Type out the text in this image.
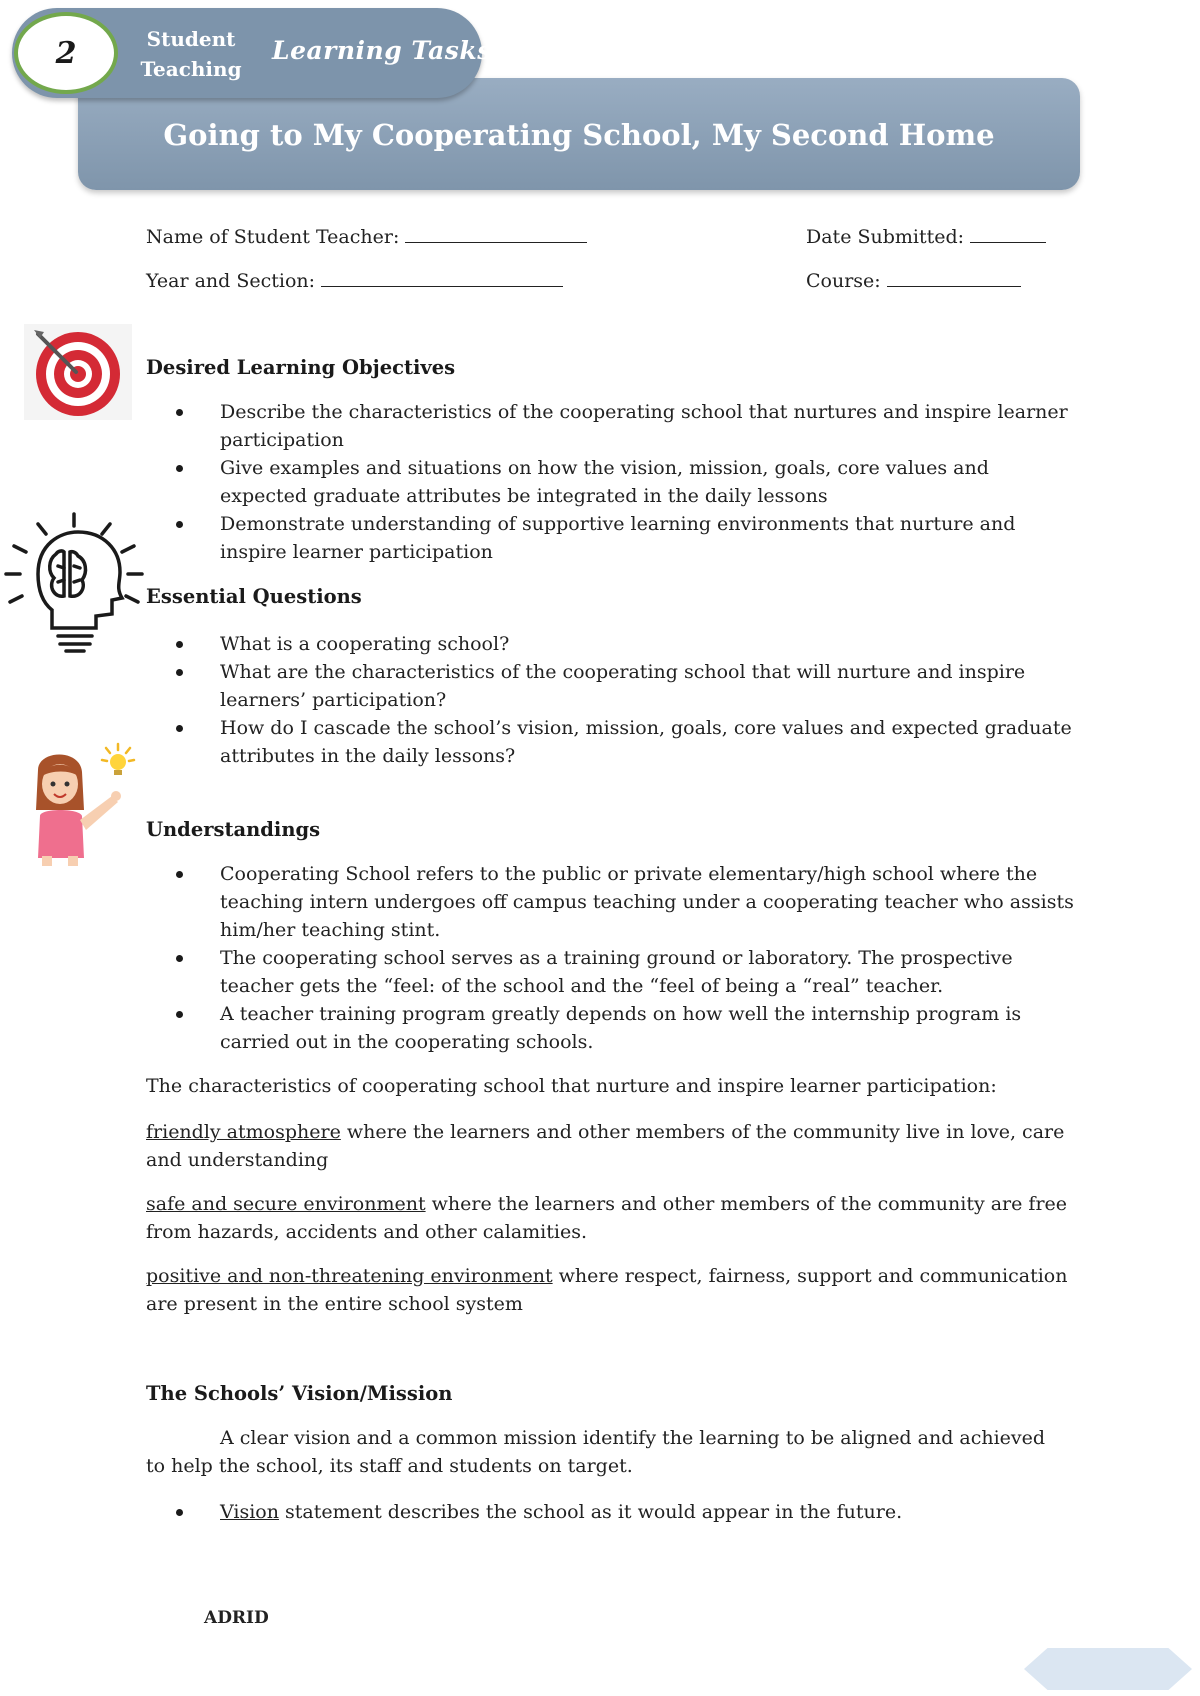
2	Student
Teaching
Learning Tasks
Going to My Cooperating School, My Second Home
Name of Student Teacher:	Date Submitted:
Year and Section:	Course:
Desired Learning Objectives
Describe the characteristics of the cooperating school that nurtures and inspire learner participation
Give examples and situations on how the vision, mission, goals, core values and expected graduate attributes be integrated in the daily lessons
Demonstrate understanding of supportive learning environments that nurture and inspire learner participation
Essential Questions
What is a cooperating school?
What are the characteristics of the cooperating school that will nurture and inspire learners’ participation?
How do I cascade the school’s vision, mission, goals, core values and expected graduate attributes in the daily lessons?
Understandings
Cooperating School refers to the public or private elementary/high school where the teaching intern undergoes off campus teaching under a cooperating teacher who assists him/her teaching stint.
The cooperating school serves as a training ground or laboratory. The prospective teacher gets the “feel: of the school and the “feel of being a “real” teacher.
A teacher training program greatly depends on how well the internship program is carried out in the cooperating schools.
The characteristics of cooperating school that nurture and inspire learner participation:
friendly atmosphere where the learners and other members of the community live in love, care and understanding
safe and secure environment where the learners and other members of the community are free from hazards, accidents and other calamities.
positive and non-threatening environment where respect, fairness, support and communication are present in the entire school system
The Schools’ Vision/Mission
A clear vision and a common mission identify the learning to be aligned and achieved to help the school, its staff and students on target.
Vision statement describes the school as it would appear in the future.
ADRID
